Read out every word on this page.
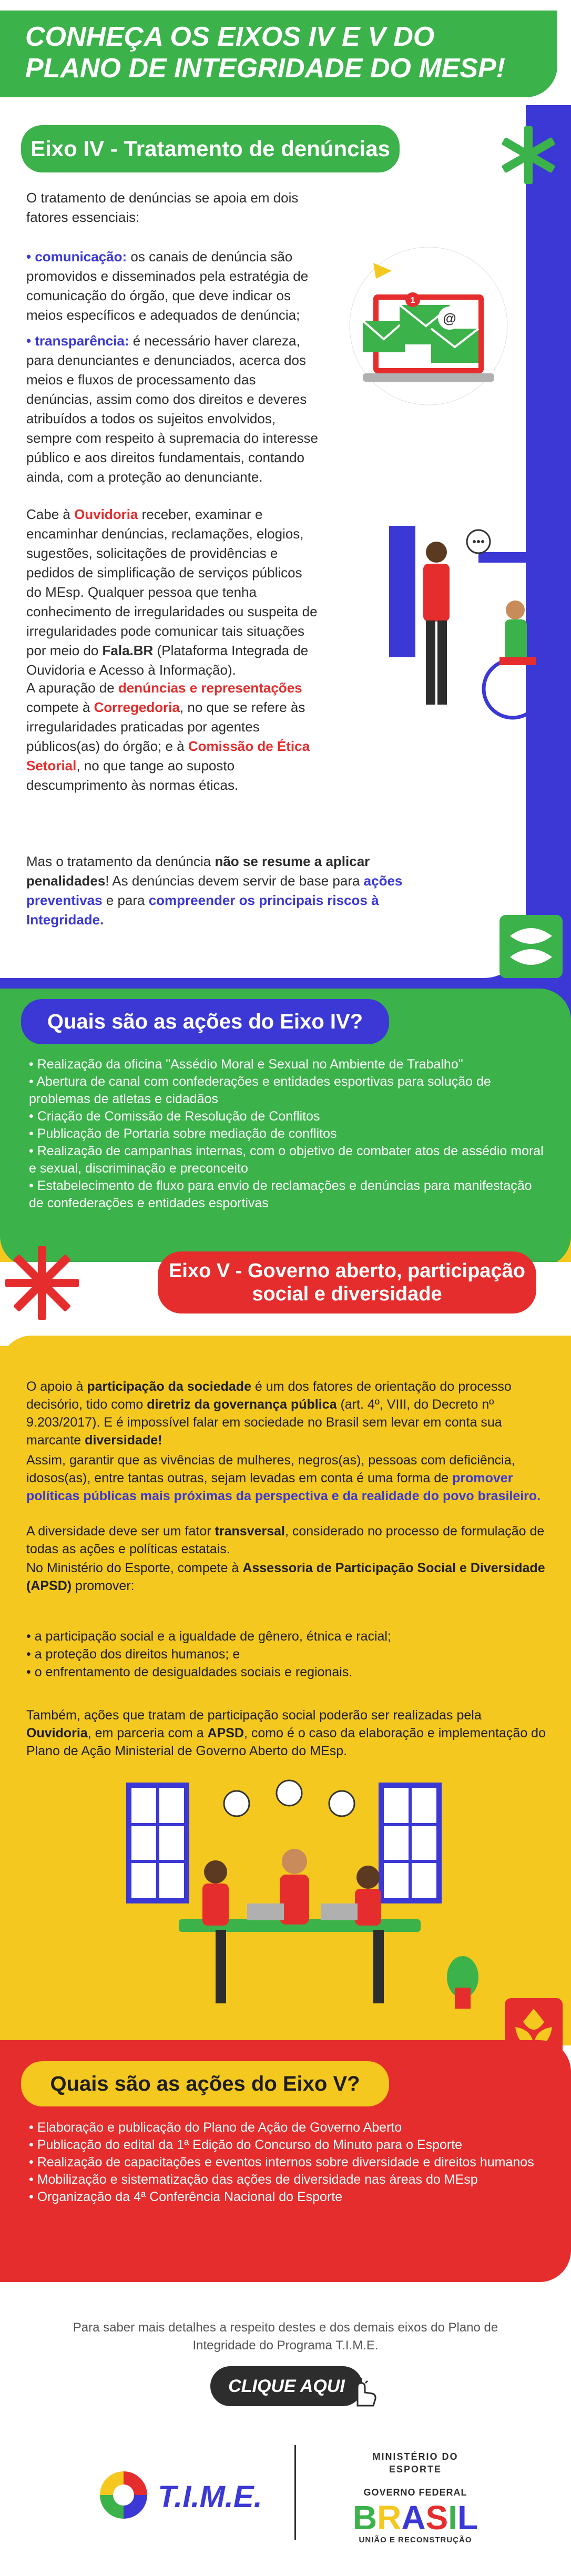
CONHEÇA OS EIXOS IV E V DO PLANO DE INTEGRIDADE DO MESP!
Eixo IV - Tratamento de denúncias
O tratamento de denúncias se apoia em dois fatores essenciais:
• comunicação: os canais de denúncia são promovidos e disseminados pela estratégia de comunicação do órgão, que deve indicar os meios específicos e adequados de denúncia;
• transparência: é necessário haver clareza, para denunciantes e denunciados, acerca dos meios e fluxos de processamento das denúncias, assim como dos direitos e deveres atribuídos a todos os sujeitos envolvidos, sempre com respeito à supremacia do interesse público e aos direitos fundamentais, contando ainda, com a proteção ao denunciante.
@
1
Cabe à Ouvidoria receber, examinar e encaminhar denúncias, reclamações, elogios, sugestões, solicitações de providências e pedidos de simplificação de serviços públicos do MEsp. Qualquer pessoa que tenha conhecimento de irregularidades ou suspeita de irregularidades pode comunicar tais situações por meio do Fala.BR (Plataforma Integrada de Ouvidoria e Acesso à Informação).
A apuração de denúncias e representações compete à Corregedoria, no que se refere às irregularidades praticadas por agentes públicos(as) do órgão; e à Comissão de Ética Setorial, no que tange ao suposto descumprimento às normas éticas.
Mas o tratamento da denúncia não se resume a aplicar penalidades! As denúncias devem servir de base para ações preventivas e para compreender os principais riscos à Integridade.
Quais são as ações do Eixo IV?
• Realização da oficina "Assédio Moral e Sexual no Ambiente de Trabalho"
• Abertura de canal com confederações e entidades esportivas para solução de problemas de atletas e cidadãos
• Criação de Comissão de Resolução de Conflitos
• Publicação de Portaria sobre mediação de conflitos
• Realização de campanhas internas, com o objetivo de combater atos de assédio moral e sexual, discriminação e preconceito
• Estabelecimento de fluxo para envio de reclamações e denúncias para manifestação de confederações e entidades esportivas
Eixo V - Governo aberto, participação social e diversidade
O apoio à participação da sociedade é um dos fatores de orientação do processo decisório, tido como diretriz da governança pública (art. 4º, VIII, do Decreto nº 9.203/2017). E é impossível falar em sociedade no Brasil sem levar em conta sua marcante diversidade!
Assim, garantir que as vivências de mulheres, negros(as), pessoas com deficiência, idosos(as), entre tantas outras, sejam levadas em conta é uma forma de promover políticas públicas mais próximas da perspectiva e da realidade do povo brasileiro.
A diversidade deve ser um fator transversal, considerado no processo de formulação de todas as ações e políticas estatais.
No Ministério do Esporte, compete à Assessoria de Participação Social e Diversidade (APSD) promover:
• a participação social e a igualdade de gênero, étnica e racial;
• a proteção dos direitos humanos; e
• o enfrentamento de desigualdades sociais e regionais.
Também, ações que tratam de participação social poderão ser realizadas pela Ouvidoria, em parceria com a APSD, como é o caso da elaboração e implementação do Plano de Ação Ministerial de Governo Aberto do MEsp.
Quais são as ações do Eixo V?
• Elaboração e publicação do Plano de Ação de Governo Aberto
• Publicação do edital da 1ª Edição do Concurso do Minuto para o Esporte
• Realização de capacitações e eventos internos sobre diversidade e direitos humanos
• Mobilização e sistematização das ações de diversidade nas áreas do MEsp
• Organização da 4ª Conferência Nacional do Esporte
Para saber mais detalhes a respeito destes e dos demais eixos do Plano de Integridade do Programa T.I.M.E.
CLIQUE AQUI
T.I.M.E.
MINISTÉRIO DO
ESPORTE
GOVERNO FEDERAL
BRASIL
UNIÃO E RECONSTRUÇÃO
